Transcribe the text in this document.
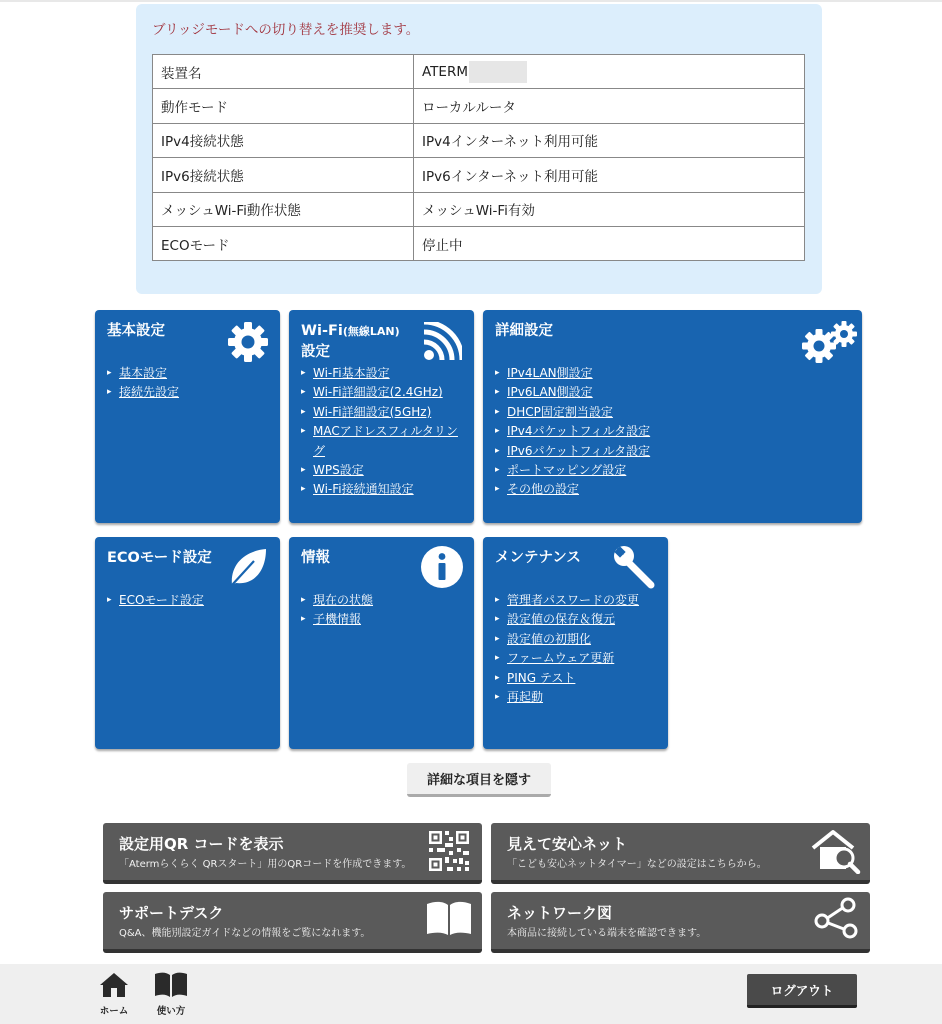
ブリッジモードへの切り替えを推奨します。
装置名	ATERM
動作モード	ローカルルータ
IPv4接続状態	IPv4インターネット利用可能
IPv6接続状態	IPv6インターネット利用可能
メッシュWi-Fi動作状態	メッシュWi-Fi有効
ECOモード	停止中
基本設定
▸ 基本設定
▸ 接続先設定
Wi-Fi(無線LAN)
設定
▸ Wi-Fi基本設定
▸ Wi-Fi詳細設定(2.4GHz)
▸ Wi-Fi詳細設定(5GHz)
▸ MACアドレスフィルタリン
グ
▸ WPS設定
▸ Wi-Fi接続通知設定
詳細設定
▸ IPv4LAN側設定
▸ IPv6LAN側設定
▸ DHCP固定割当設定
▸ IPv4パケットフィルタ設定
▸ IPv6パケットフィルタ設定
▸ ポートマッピング設定
▸ その他の設定
ECOモード設定
▸ ECOモード設定
情報
▸ 現在の状態
▸ 子機情報
メンテナンス
▸ 管理者パスワードの変更
▸ 設定値の保存＆復元
▸ 設定値の初期化
▸ ファームウェア更新
▸ PING テスト
▸ 再起動
詳細な項目を隠す
設定用QR コードを表示
「Atermらくらく QRスタート」用のQRコードを作成できます。
見えて安心ネット
「こども安心ネットタイマー」などの設定はこちらから。
サポートデスク
Q&A、機能別設定ガイドなどの情報をご覧になれます。
ネットワーク図
本商品に接続している端末を確認できます。
ホーム	使い方
ログアウト
